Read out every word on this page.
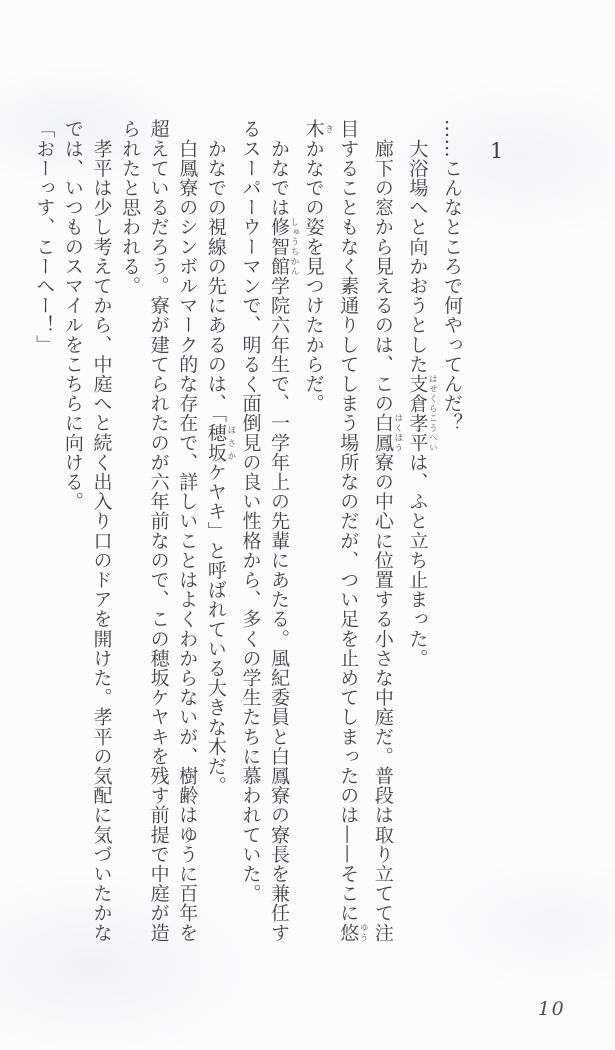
1
……こんなところで何やってんだ？
　大浴場へと向かおうとした支倉孝平 はせくらこうへいは、ふと立ち止まった。
　廊下の窓から見えるのは、この白鳳 はくほう寮の中心に位置する小さな中庭だ。普段は取り立てて注
目することもなく素通りしてしまう場所なのだが、つい足を止めてしまったのは——そこに悠 ゆう
木 きかなでの姿を見つけたからだ。
　かなでは修智館 しゅうちかん学院六年生で、一学年上の先輩にあたる。風紀委員と白鳳寮の寮長を兼任す
るスーパーウーマンで、明るく面倒見の良い性格から、多くの学生たちに慕われていた。
　かなでの視線の先にあるのは、「穂坂 ほさかケヤキ」と呼ばれている大きな木だ。
　白鳳寮のシンボルマーク的な存在で、詳しいことはよくわからないが、樹齢はゆうに百年を
超えているだろう。寮が建てられたのが六年前なので、この穂坂ケヤキを残す前提で中庭が造
られたと思われる。
　孝平は少し考えてから、中庭へと続く出入り口のドアを開けた。孝平の気配に気づいたかな
では、いつものスマイルをこちらに向ける。
「おーっす、こーへー！」
10
